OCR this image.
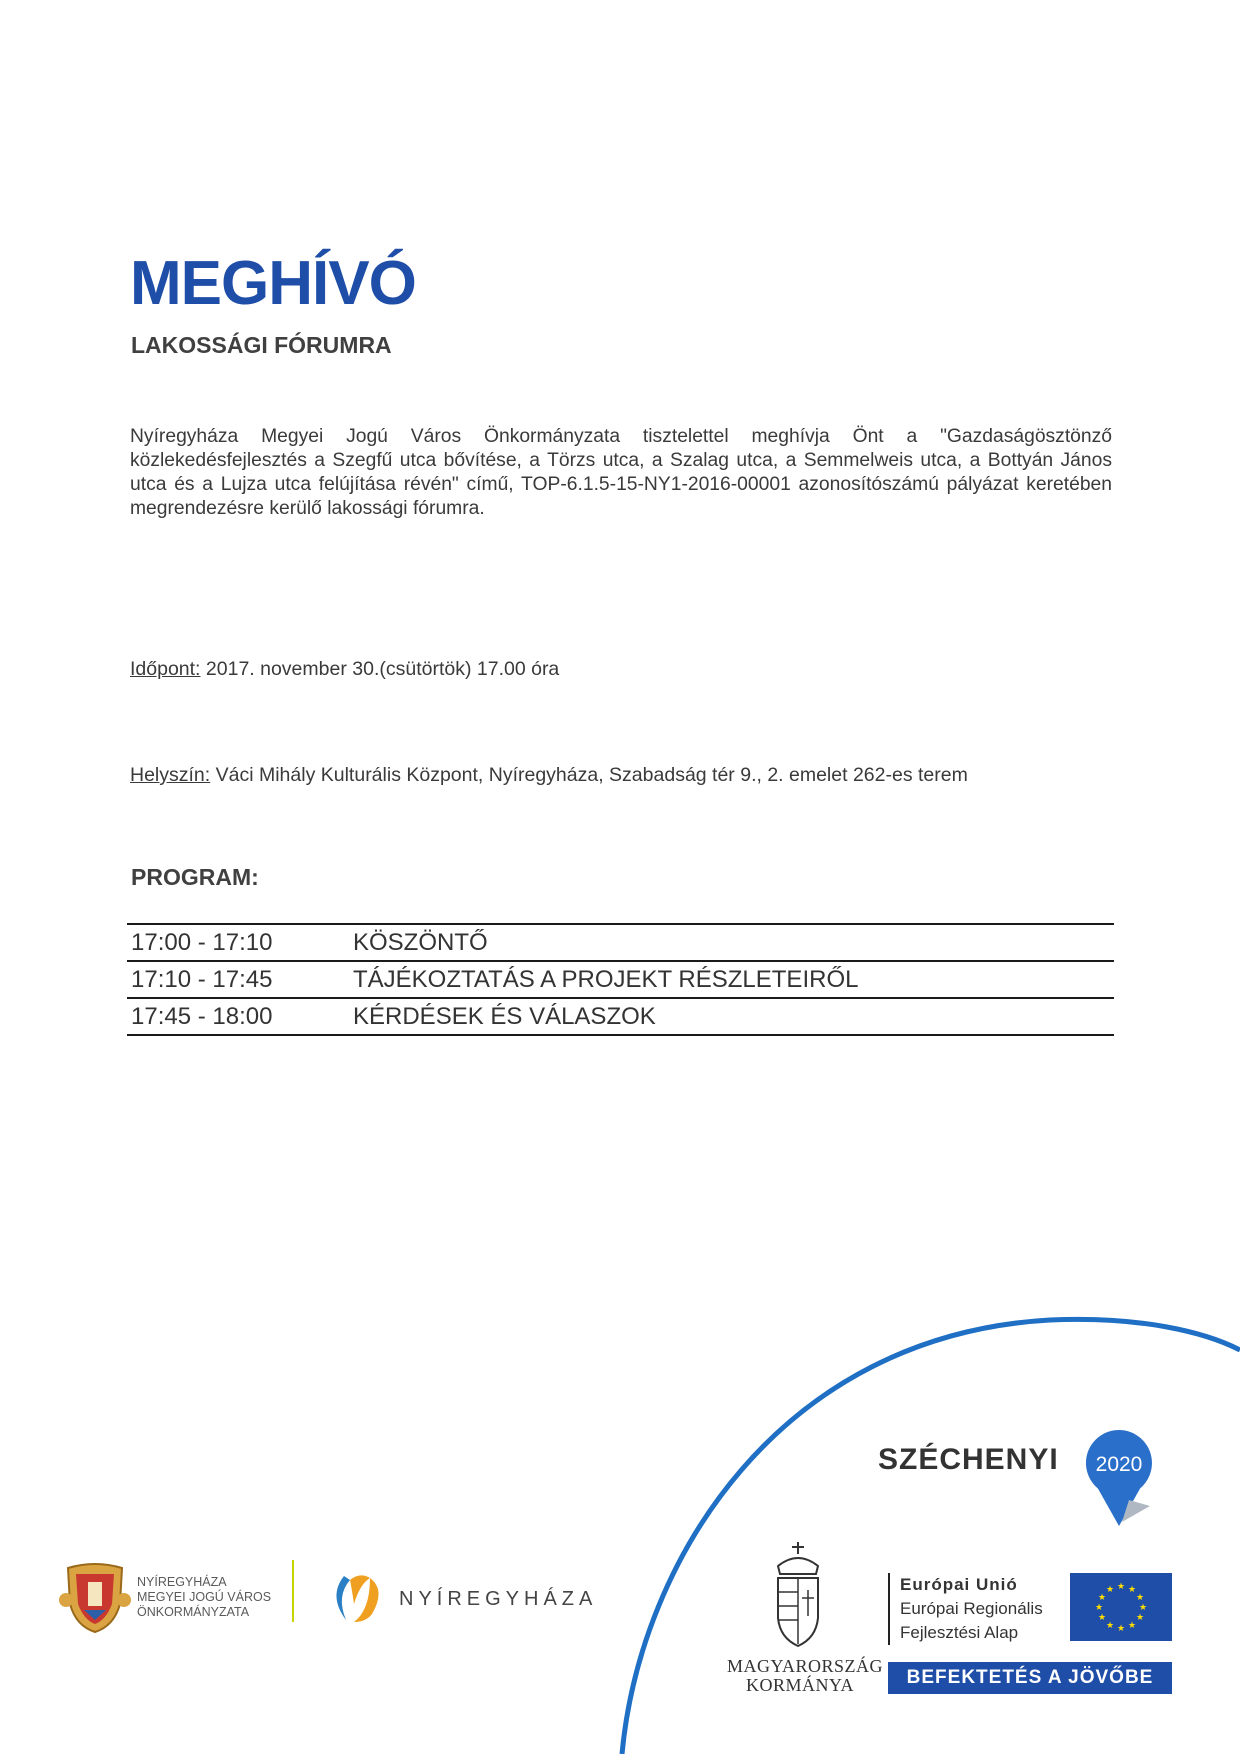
MEGHÍVÓ
LAKOSSÁGI FÓRUMRA

Nyíregyháza Megyei Jogú Város Önkormányzata tisztelettel meghívja Önt a "Gazdaságösztönző közlekedésfejlesztés a Szegfű utca bővítése, a Törzs utca, a Szalag utca, a Semmelweis utca, a Bottyán János utca és a Lujza utca felújítása révén" című, TOP-6.1.5-15-NY1-2016-00001 azonosítószámú pályázat keretében megrendezésre kerülő lakossági fórumra.

Időpont: 2017. november 30.(csütörtök) 17.00 óra

Helyszín: Váci Mihály Kulturális Központ, Nyíregyháza, Szabadság tér 9., 2. emelet 262-es terem

PROGRAM:
17:00 - 17:10	KÖSZÖNTŐ
17:10 - 17:45	TÁJÉKOZTATÁS A PROJEKT RÉSZLETEIRŐL
17:45 - 18:00	KÉRDÉSEK ÉS VÁLASZOK
SZÉCHENYI 2020
NYÍREGYHÁZA
MEGYEI JOGÚ VÁROS
ÖNKORMÁNYZATA
NYÍREGYHÁZA
MAGYARORSZÁG
KORMÁNYA
Európai Unió
Európai Regionális
Fejlesztési Alap
★ ★
★
★
★
★
★
★
★
★
★
★
BEFEKTETÉS A JÖVŐBE
